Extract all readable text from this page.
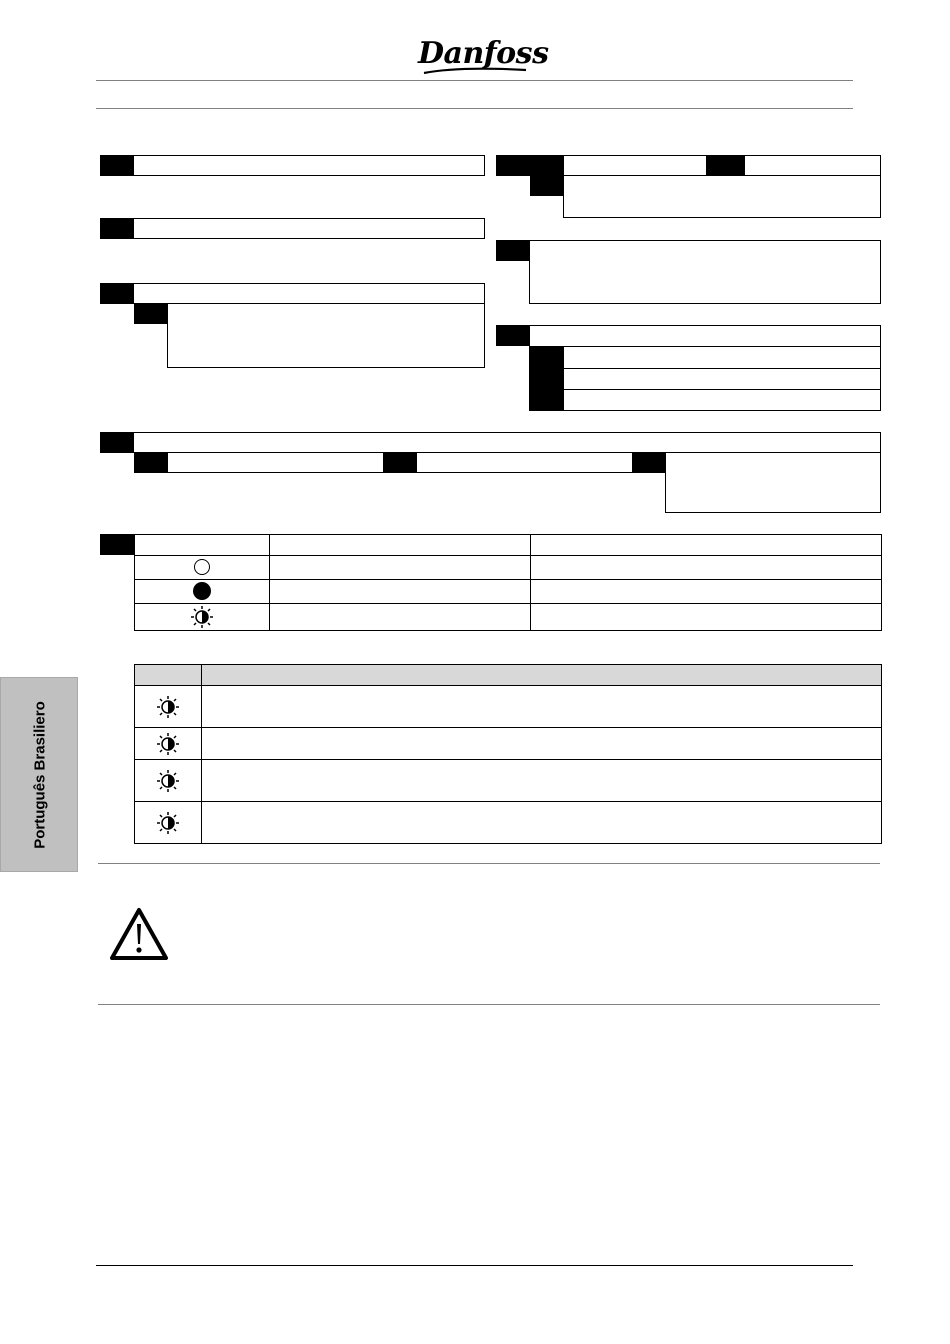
Danfoss

Português Brasiliero
